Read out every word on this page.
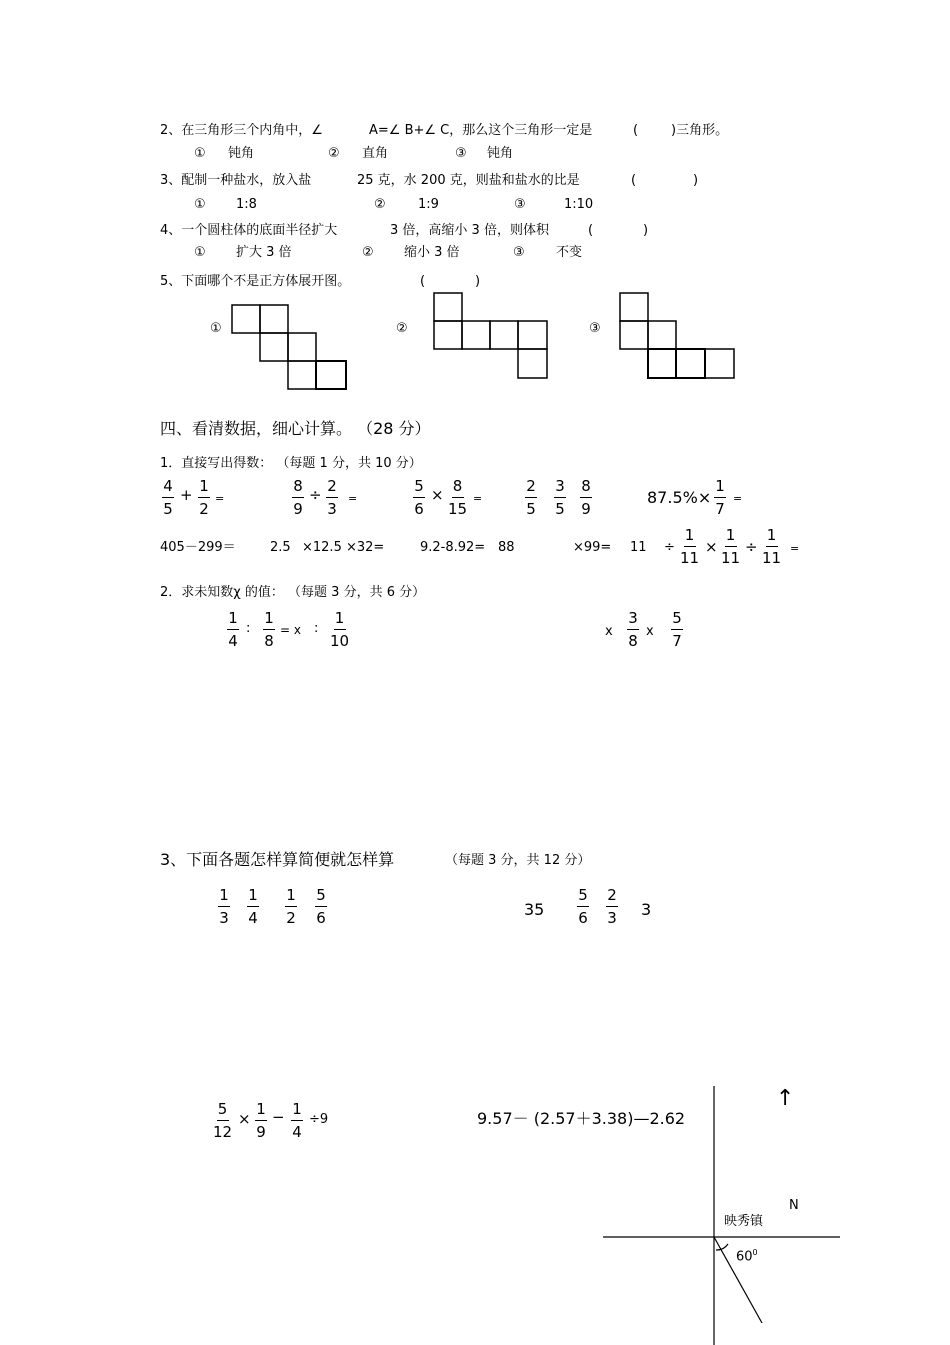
2、在三角形三个内角中，∠	A=∠ B+∠ C，那么这个三角形一定是	(	)三角形。
① 钝角	② 直角	③ 钝角
3、配制一种盐水，放入盐	25 克，水 200 克，则盐和盐水的比是	(	)
① 1:8	② 1:9	③	1:10
4、一个圆柱体的底面半径扩大	3 倍，高缩小 3 倍，则体积	(	)
① 扩大 3 倍	② 缩小 3 倍	③ 不变
5、下面哪个不是正方体展开图。	(	)
①	②	③
四、看清数据，细心计算。 （28 分）
1．直接写出得数： （每题 1 分，共 10 分）
$\frac{4}{5} + \frac{1}{2}$ =	$\frac{8}{9} \div \frac{2}{3}$ =	$\frac{5}{6} \times \frac{8}{15}$ =	$\frac{2}{5} \frac{3}{5} \frac{8}{9}$	$87.5\%\times \frac{1}{7}$ =
405－299＝	2.5 ×12.5 ×32=	9.2-8.92= 88	$\times 99= 11 \div \frac{1}{11} \times \frac{1}{11} \div \frac{1}{11}$ =
2．求未知数χ 的值： （每题 3 分，共 6 分）
$\frac{1}{4}$ : $\frac{1}{8} = x$ : $\frac{1}{10}$	x $\frac{3}{8}$ x $\frac{5}{7}$
3、下面各题怎样算简便就怎样算	（每题 3 分，共 12 分）
$\frac{1}{3} \frac{1}{4} \frac{1}{2} \frac{5}{6}$	$35 \frac{5}{6} \frac{2}{3} 3$
$\frac{5}{12} \times \frac{1}{9} - \frac{1}{4} \div 9$	9.57－ (2.57＋3.38)—2.62
↑
N
映秀镇
$60^0$
